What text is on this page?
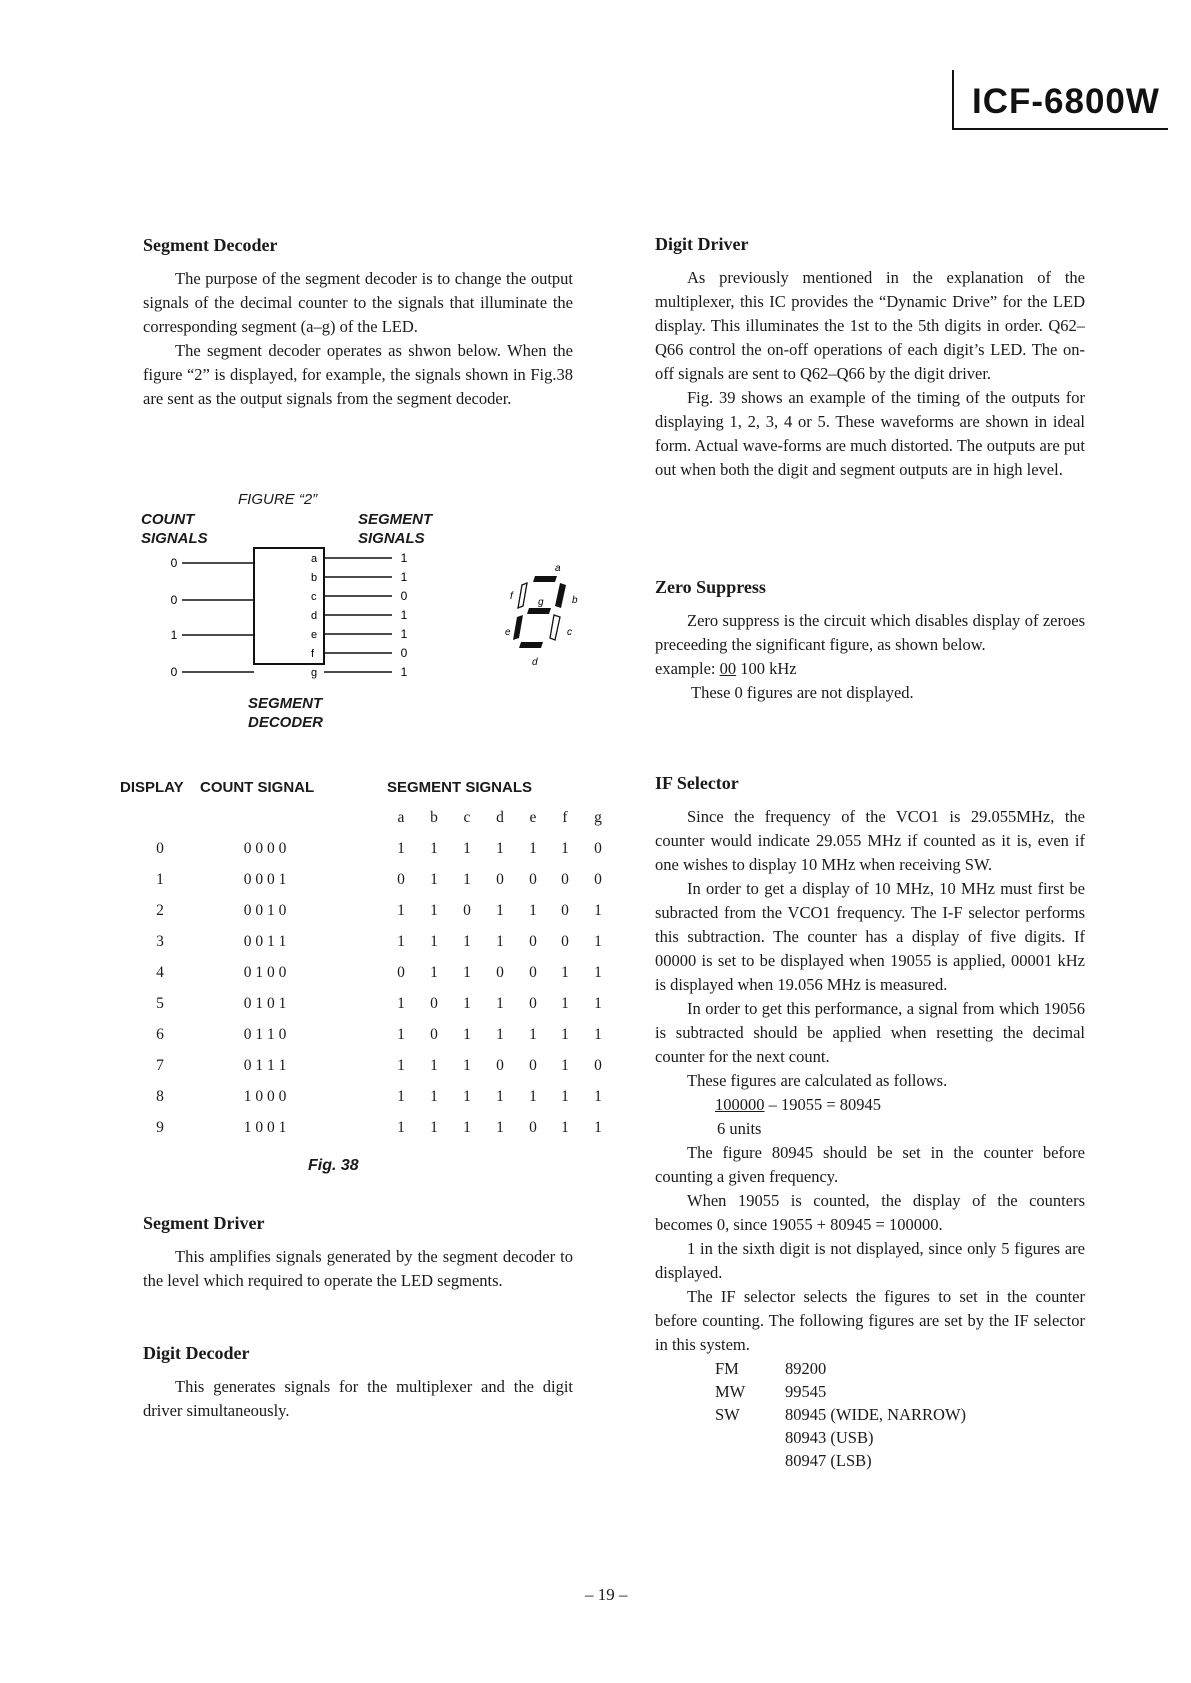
ICF-6800W
Segment Decoder

The purpose of the segment decoder is to change the output signals of the decimal counter to the signals that illuminate the corresponding segment (a–g) of the LED.

The segment decoder operates as shwon below. When the figure “2” is displayed, for example, the signals shown in Fig.38 are sent as the output signals from the segment decoder.

FIGURE “2”
COUNT
SIGNALS
SEGMENT
SIGNALS
SEGMENT
DECODER
0
0
1
0
a
b
c
d
e
f
g
1
1
0
1
1
0
1
a
b
c
d
e
f
g
DISPLAY	COUNT SIGNAL		SEGMENT SIGNALS						
			a	b	c	d	e	f	g
0	0 0 0 0		1	1	1	1	1	1	0
1	0 0 0 1		0	1	1	0	0	0	0
2	0 0 1 0		1	1	0	1	1	0	1
3	0 0 1 1		1	1	1	1	0	0	1
4	0 1 0 0		0	1	1	0	0	1	1
5	0 1 0 1		1	0	1	1	0	1	1
6	0 1 1 0		1	0	1	1	1	1	1
7	0 1 1 1		1	1	1	0	0	1	0
8	1 0 0 0		1	1	1	1	1	1	1
9	1 0 0 1		1	1	1	1	0	1	1
Fig. 38
Segment Driver

This amplifies signals generated by the segment decoder to the level which required to operate the LED segments.

Digit Decoder

This generates signals for the multiplexer and the digit driver simultaneously.

Digit Driver

As previously mentioned in the explanation of the multiplexer, this IC provides the “Dynamic Drive” for the LED display. This illuminates the 1st to the 5th digits in order. Q62–Q66 control the on-off operations of each digit’s LED. The on-off signals are sent to Q62–Q66 by the digit driver.

Fig. 39 shows an example of the timing of the outputs for displaying 1, 2, 3, 4 or 5. These waveforms are shown in ideal form. Actual wave-forms are much distorted. The outputs are put out when both the digit and segment outputs are in high level.

Zero Suppress

Zero suppress is the circuit which disables display of zeroes preceeding the significant figure, as shown below.

example: 00 100 kHz

These 0 figures are not displayed.

IF Selector

Since the frequency of the VCO1 is 29.055MHz, the counter would indicate 29.055 MHz if counted as it is, even if one wishes to display 10 MHz when receiving SW.

In order to get a display of 10 MHz, 10 MHz must first be subracted from the VCO1 frequency. The I-F selector performs this subtraction. The counter has a display of five digits. If 00000 is set to be displayed when 19055 is applied, 00001 kHz is displayed when 19.056 MHz is measured.

In order to get this performance, a signal from which 19056 is subtracted should be applied when resetting the decimal counter for the next count.

These figures are calculated as follows.

100000 – 19055 = 80945
6 units

The figure 80945 should be set in the counter before counting a given frequency.

When 19055 is counted, the display of the counters becomes 0, since 19055 + 80945 = 100000.

1 in the sixth digit is not displayed, since only 5 figures are displayed.

The IF selector selects the figures to set in the counter before counting. The following figures are set by the IF selector in this system.

FM	89200
MW	99545
SW	80945 (WIDE, NARROW)
	80943 (USB)
	80947 (LSB)
– 19 –
